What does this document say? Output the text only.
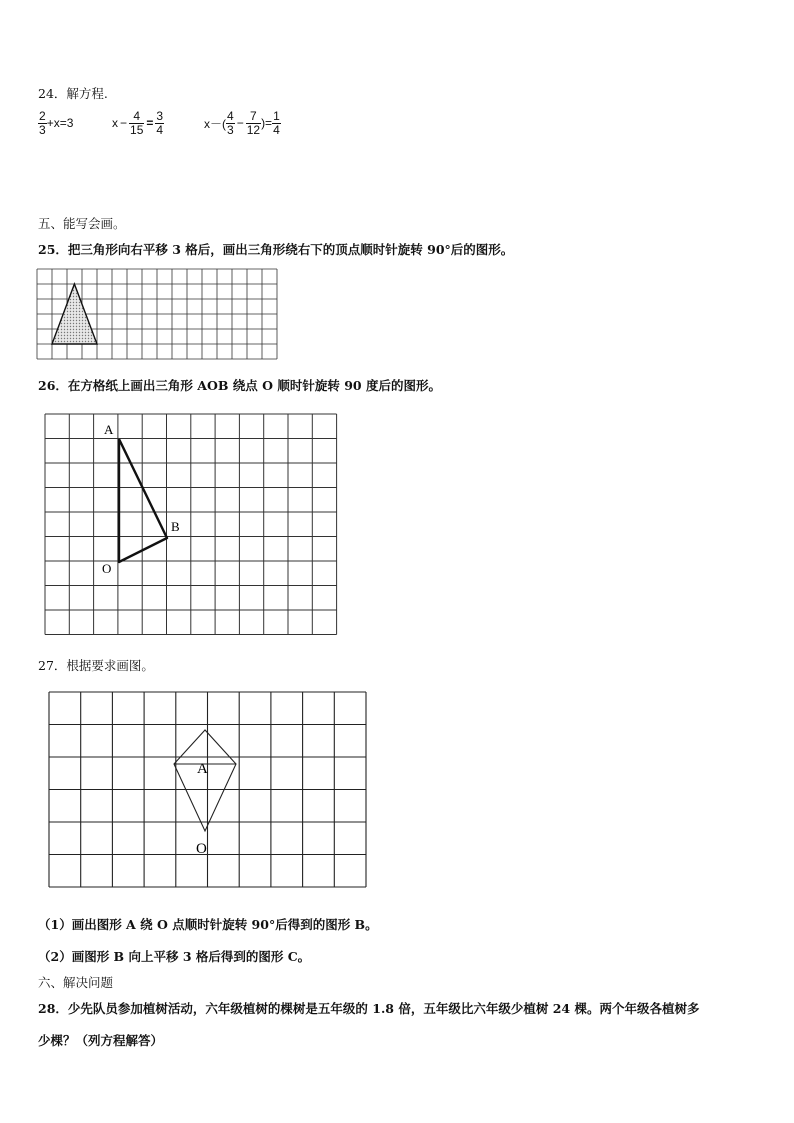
24．解方程.
$\frac{2}{3} +x=3$	$x - \frac{4}{15} = \frac{3}{4}$	$x-( \frac{4}{3} - \frac{7}{12}$ )= $\frac{1}{4}$
五、能写会画。
25．把三角形向右平移 3 格后，画出三角形绕右下的顶点顺时针旋转 90°后的图形。
26．在方格纸上画出三角形 AOB 绕点 O 顺时针旋转 90 度后的图形。
A
B
O
27．根据要求画图。
A
O
（1）画出图形 A 绕 O 点顺时针旋转 90°后得到的图形 B。
（2）画图形 B 向上平移 3 格后得到的图形 C。
六、解决问题
28．少先队员参加植树活动，六年级植树的棵树是五年级的 1.8 倍，五年级比六年级少植树 24 棵。两个年级各植树多
少棵？（列方程解答）
